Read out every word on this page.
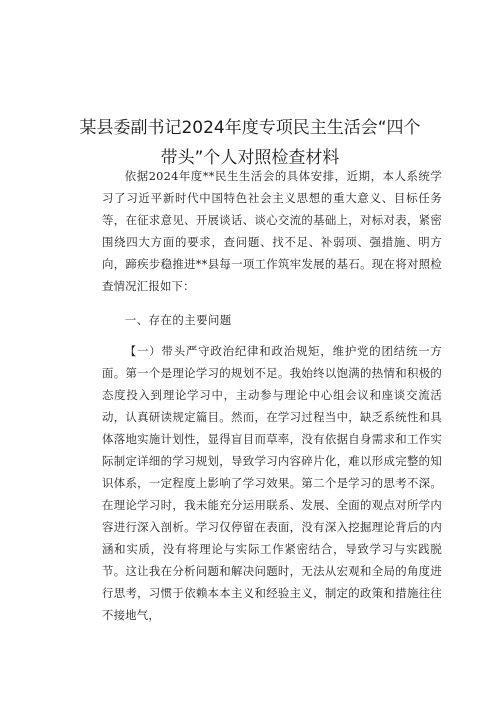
某县委副书记2024年度专项民主生活会“四个
带头”个人对照检查材料

依据2024年度**民生生活会的具体安排，近期，本人系统学习了习近平新时代中国特色社会主义思想的重大意义、目标任务等，在征求意见、开展谈话、谈心交流的基础上，对标对表，紧密围绕四大方面的要求，查问题、找不足、补弱项、强措施、明方向，蹄疾步稳推进**县每一项工作筑牢发展的基石。现在将对照检查情况汇报如下：

一、存在的主要问题

【一）带头严守政治纪律和政治规矩，维护党的团结统一方面。第一个是理论学习的规划不足。我始终以饱满的热情和积极的态度投入到理论学习中，主动参与理论中心组会议和座谈交流活动，认真研读规定篇目。然而，在学习过程当中，缺乏系统性和具体落地实施计划性，显得盲目而草率，没有依据自身需求和工作实际制定详细的学习规划，导致学习内容碎片化，难以形成完整的知识体系，一定程度上影响了学习效果。第二个是学习的思考不深。在理论学习时，我未能充分运用联系、发展、全面的观点对所学内容进行深入剖析。学习仅停留在表面，没有深入挖掘理论背后的内涵和实质，没有将理论与实际工作紧密结合，导致学习与实践脱节。这让我在分析问题和解决问题时，无法从宏观和全局的角度进行思考，习惯于依赖本本主义和经验主义，制定的政策和措施往往不接地气，
